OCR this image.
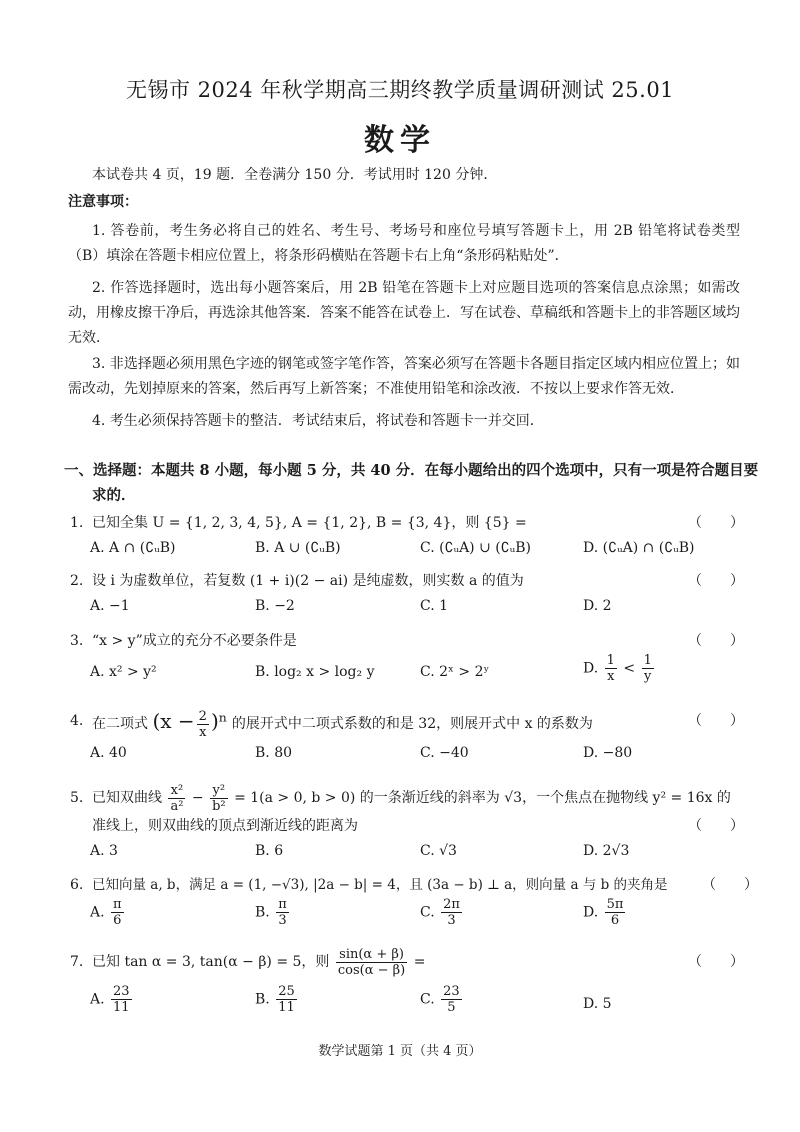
无锡市 2024 年秋学期高三期终教学质量调研测试 25.01
数学
本试卷共 4 页，19 题．全卷满分 150 分．考试用时 120 分钟．
注意事项：
1. 答卷前，考生务必将自己的姓名、考生号、考场号和座位号填写答题卡上，用 2B 铅笔将试卷类型（B）填涂在答题卡相应位置上，将条形码横贴在答题卡右上角“条形码粘贴处”．
2. 作答选择题时，选出每小题答案后，用 2B 铅笔在答题卡上对应题目选项的答案信息点涂黑；如需改动，用橡皮擦干净后，再选涂其他答案．答案不能答在试卷上．写在试卷、草稿纸和答题卡上的非答题区域均无效．
3. 非选择题必须用黑色字迹的钢笔或签字笔作答，答案必须写在答题卡各题目指定区域内相应位置上；如需改动，先划掉原来的答案，然后再写上新答案；不准使用铅笔和涂改液．不按以上要求作答无效．
4. 考生必须保持答题卡的整洁．考试结束后，将试卷和答题卡一并交回．
一、选择题：本题共 8 小题，每小题 5 分，共 40 分．在每小题给出的四个选项中，只有一项是符合题目要求的．
1. 已知全集 U = {1, 2, 3, 4, 5}, A = {1, 2}, B = {3, 4}，则 {5} =	（　　）
A. A ∩ (∁ᵤB)	B. A ∪ (∁ᵤB)	C. (∁ᵤA) ∪ (∁ᵤB)	D. (∁ᵤA) ∩ (∁ᵤB)
2. 设 i 为虚数单位，若复数 (1 + i)(2 − ai) 是纯虚数，则实数 a 的值为	（　　）
A. −1	B. −2	C. 1	D. 2
3. “x > y”成立的充分不必要条件是	（　　）
A. x² > y²	B. log₂ x > log₂ y	C. 2ˣ > 2ʸ	D. $\frac{1}{x} < \frac{1}{y}$
4. 在二项式 $(x - \frac{2}{x} )^n$ 的展开式中二项式系数的和是 32，则展开式中 x 的系数为	（　　）
A. 40	B. 80	C. −40	D. −80
5. 已知双曲线 $\frac{\text{x²}}{\text{a²}} - \frac{\text{y²}}{\text{b²}} = 1(a > 0$, b > 0) 的一条渐近线的斜率为 √3，一个焦点在抛物线 y² = 16x 的
准线上，则双曲线的顶点到渐近线的距离为	（　　）
A. 3	B. 6	C. √3	D. 2√3
6. 已知向量 a, b，满足 a = (1, −√3), |2a − b| = 4，且 (3a − b) ⊥ a，则向量 a 与 b 的夹角是 （　　）
A. $\frac{\pi}{6}$	B. $\frac{\pi}{3}$	C. $\frac{2\pi}{3}$	D. $\frac{5\pi}{6}$
7. 已知 tan α = 3, tan(α − β) = 5，则 $\frac{\sin(\alpha + \beta)}{\cos(\alpha - \beta)}$ =	（　　）
A. $\frac{23}{11}$	B. $\frac{25}{11}$	C. $\frac{23}{5}$	D. 5
数学试题第 1 页（共 4 页）
